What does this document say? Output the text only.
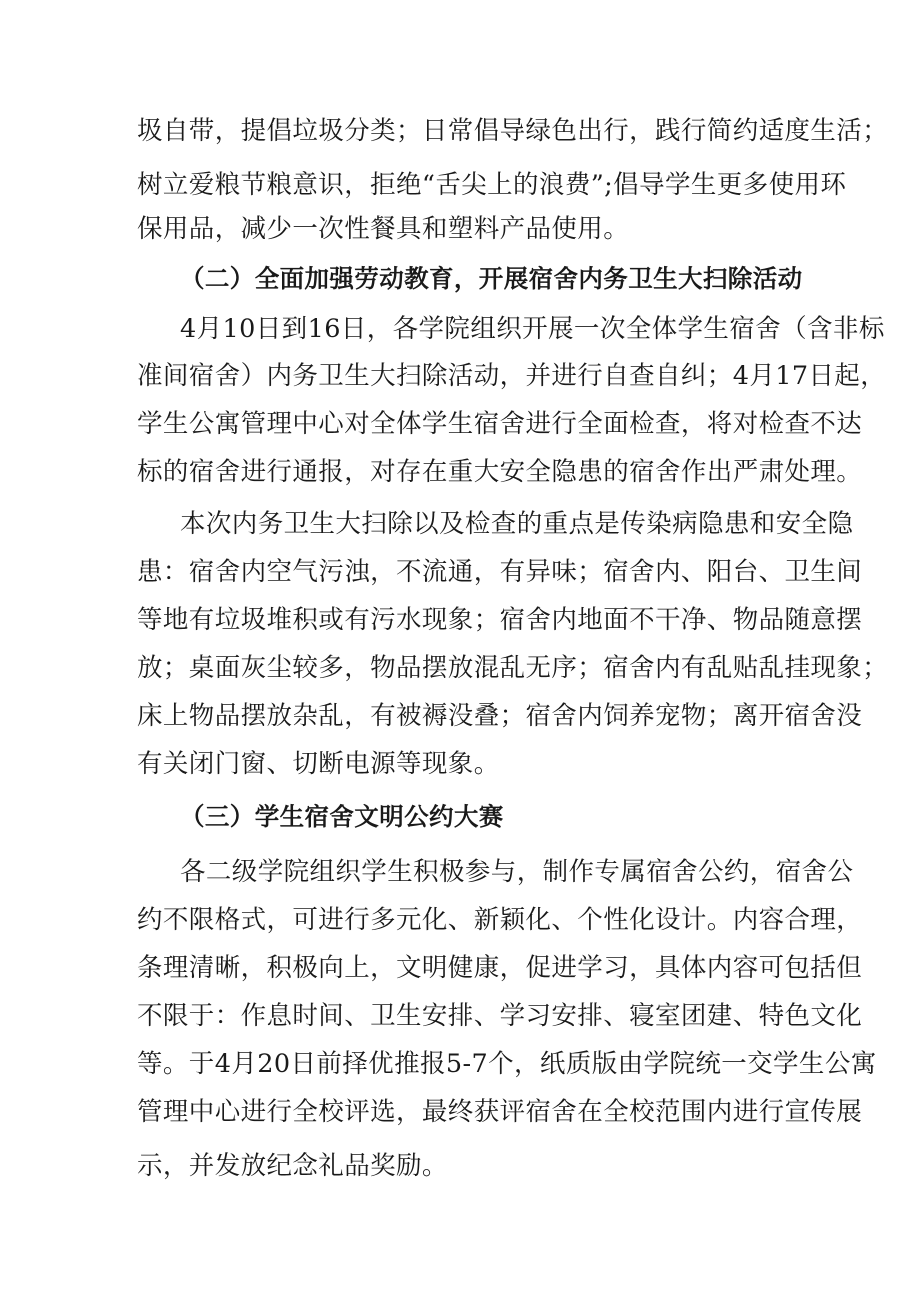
圾自带，提倡垃圾分类；日常倡导绿色出行，践行简约适度生活；
树立爱粮节粮意识，拒绝“舌尖上的浪费”;倡导学生更多使用环
保用品，减少一次性餐具和塑料产品使用。
（二）全面加强劳动教育，开展宿舍内务卫生大扫除活动
4月10日到16日，各学院组织开展一次全体学生宿舍（含非标
准间宿舍）内务卫生大扫除活动，并进行自查自纠；4月17日起，
学生公寓管理中心对全体学生宿舍进行全面检查，将对检查不达
标的宿舍进行通报，对存在重大安全隐患的宿舍作出严肃处理。
本次内务卫生大扫除以及检查的重点是传染病隐患和安全隐
患：宿舍内空气污浊，不流通，有异味；宿舍内、阳台、卫生间
等地有垃圾堆积或有污水现象；宿舍内地面不干净、物品随意摆
放；桌面灰尘较多，物品摆放混乱无序；宿舍内有乱贴乱挂现象；
床上物品摆放杂乱，有被褥没叠；宿舍内饲养宠物；离开宿舍没
有关闭门窗、切断电源等现象。
（三）学生宿舍文明公约大赛
各二级学院组织学生积极参与，制作专属宿舍公约，宿舍公
约不限格式，可进行多元化、新颖化、个性化设计。内容合理，
条理清晰，积极向上，文明健康，促进学习，具体内容可包括但
不限于：作息时间、卫生安排、学习安排、寝室团建、特色文化
等。于4月20日前择优推报5-7个，纸质版由学院统一交学生公寓
管理中心进行全校评选，最终获评宿舍在全校范围内进行宣传展
示，并发放纪念礼品奖励。
